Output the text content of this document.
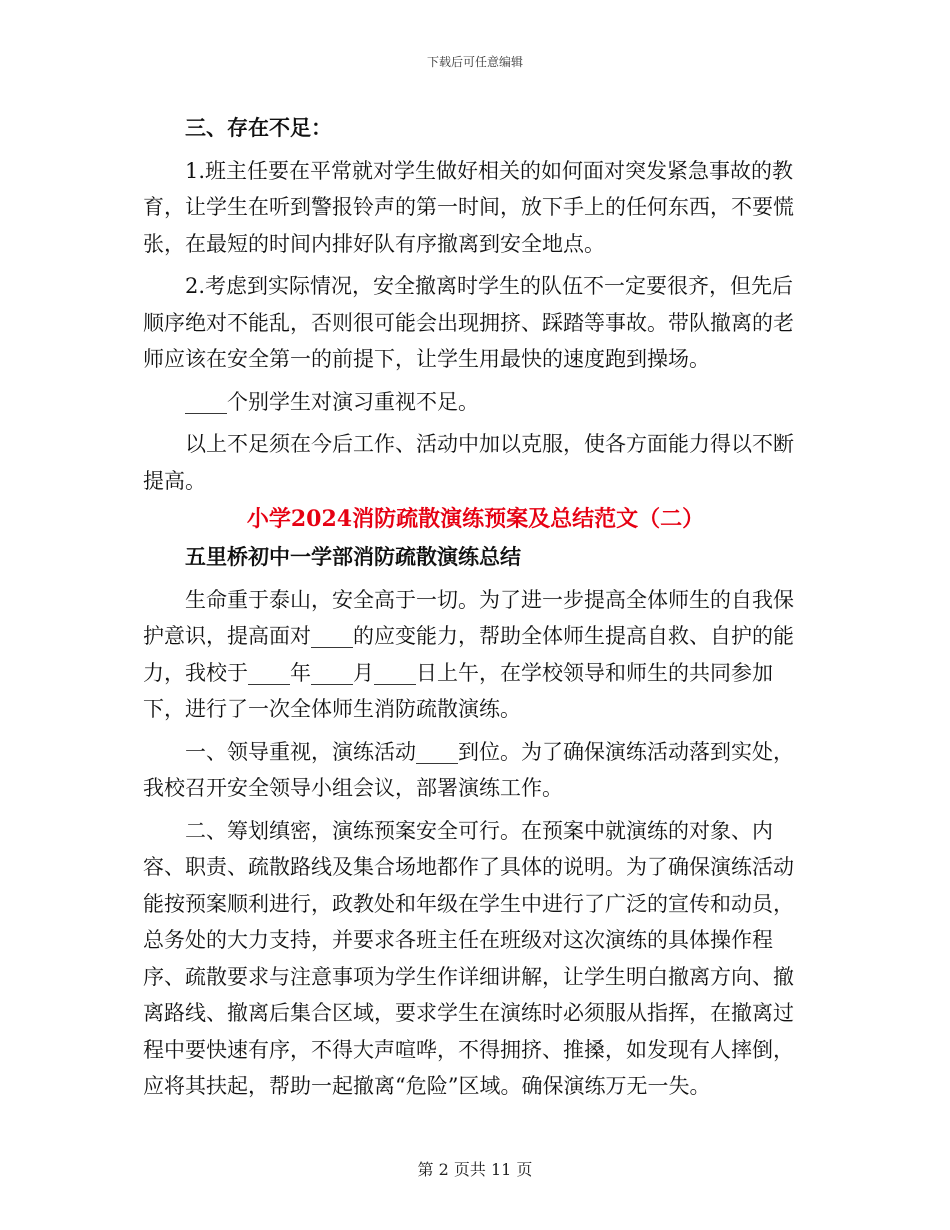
下载后可任意编辑

三、存在不足：

1.班主任要在平常就对学生做好相关的如何面对突发紧急事故的教育，让学生在听到警报铃声的第一时间，放下手上的任何东西，不要慌张，在最短的时间内排好队有序撤离到安全地点。

2.考虑到实际情况，安全撤离时学生的队伍不一定要很齐，但先后顺序绝对不能乱，否则很可能会出现拥挤、踩踏等事故。带队撤离的老师应该在安全第一的前提下，让学生用最快的速度跑到操场。

____个别学生对演习重视不足。

以上不足须在今后工作、活动中加以克服，使各方面能力得以不断提高。

小学2024消防疏散演练预案及总结范文（二）

五里桥初中一学部消防疏散演练总结

生命重于泰山，安全高于一切。为了进一步提高全体师生的自我保护意识，提高面对____的应变能力，帮助全体师生提高自救、自护的能力，我校于____年____月____日上午，在学校领导和师生的共同参加下，进行了一次全体师生消防疏散演练。

一、领导重视，演练活动____到位。为了确保演练活动落到实处，我校召开安全领导小组会议，部署演练工作。

二、筹划缜密，演练预案安全可行。在预案中就演练的对象、内容、职责、疏散路线及集合场地都作了具体的说明。为了确保演练活动能按预案顺利进行，政教处和年级在学生中进行了广泛的宣传和动员，总务处的大力支持，并要求各班主任在班级对这次演练的具体操作程序、疏散要求与注意事项为学生作详细讲解，让学生明白撤离方向、撤离路线、撤离后集合区域，要求学生在演练时必须服从指挥，在撤离过程中要快速有序，不得大声喧哗，不得拥挤、推搡，如发现有人摔倒，应将其扶起，帮助一起撤离“危险”区域。确保演练万无一失。

第 2 页共 11 页
